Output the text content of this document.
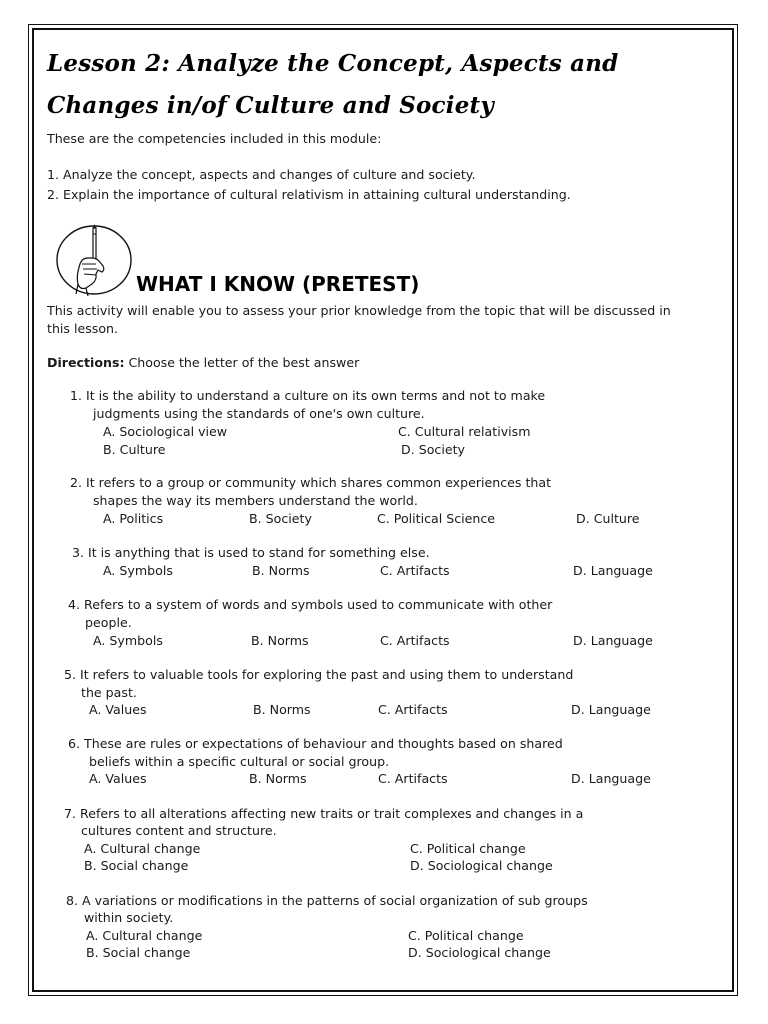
Lesson 2: Analyze the Concept, Aspects and
Changes in/of Culture and Society
These are the competencies included in this module:
1. Analyze the concept, aspects and changes of culture and society.
2. Explain the importance of cultural relativism in attaining cultural understanding.
WHAT I KNOW (PRETEST)
This activity will enable you to assess your prior knowledge from the topic that will be discussed in this lesson.
Directions: Choose the letter of the best answer
1. It is the ability to understand a culture on its own terms and not to make
judgments using the standards of one's own culture.
A. Sociological view	C. Cultural relativism
B. Culture	D. Society
2. It refers to a group or community which shares common experiences that
shapes the way its members understand the world.
A. Politics	B. Society	C. Political Science	D. Culture
3. It is anything that is used to stand for something else.
A. Symbols	B. Norms	C. Artifacts	D. Language
4. Refers to a system of words and symbols used to communicate with other
people.
A. Symbols	B. Norms	C. Artifacts	D. Language
5. It refers to valuable tools for exploring the past and using them to understand
the past.
A. Values	B. Norms	C. Artifacts	D. Language
6. These are rules or expectations of behaviour and thoughts based on shared
beliefs within a specific cultural or social group.
A. Values	B. Norms	C. Artifacts	D. Language
7. Refers to all alterations affecting new traits or trait complexes and changes in a
cultures content and structure.
A. Cultural change	C. Political change
B. Social change	D. Sociological change
8. A variations or modifications in the patterns of social organization of sub groups
within society.
A. Cultural change	C. Political change
B. Social change	D. Sociological change
